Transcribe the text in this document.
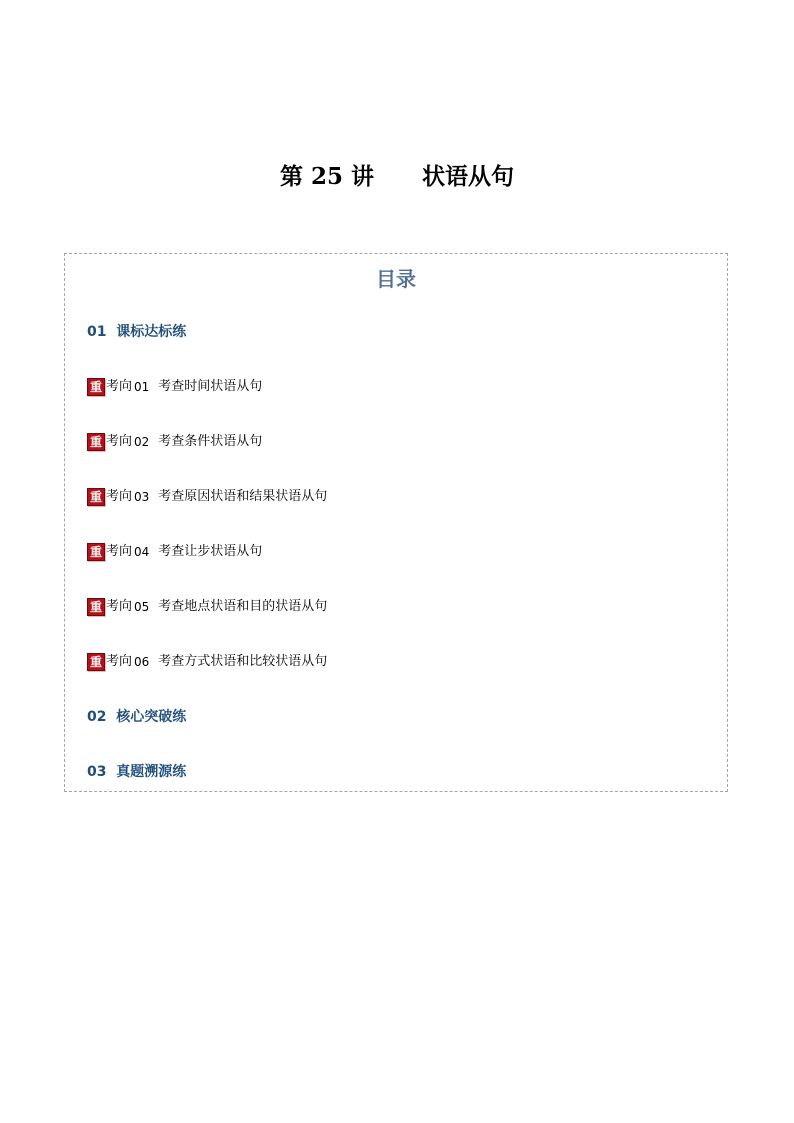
第 25 讲 状语从句
目录
01 课标达标练
重 考向 01 考查时间状语从句
重 考向 02 考查条件状语从句
重 考向 03 考查原因状语和结果状语从句
重 考向 04 考查让步状语从句
重 考向 05 考查地点状语和目的状语从句
重 考向 06 考查方式状语和比较状语从句
02 核心突破练
03 真题溯源练
